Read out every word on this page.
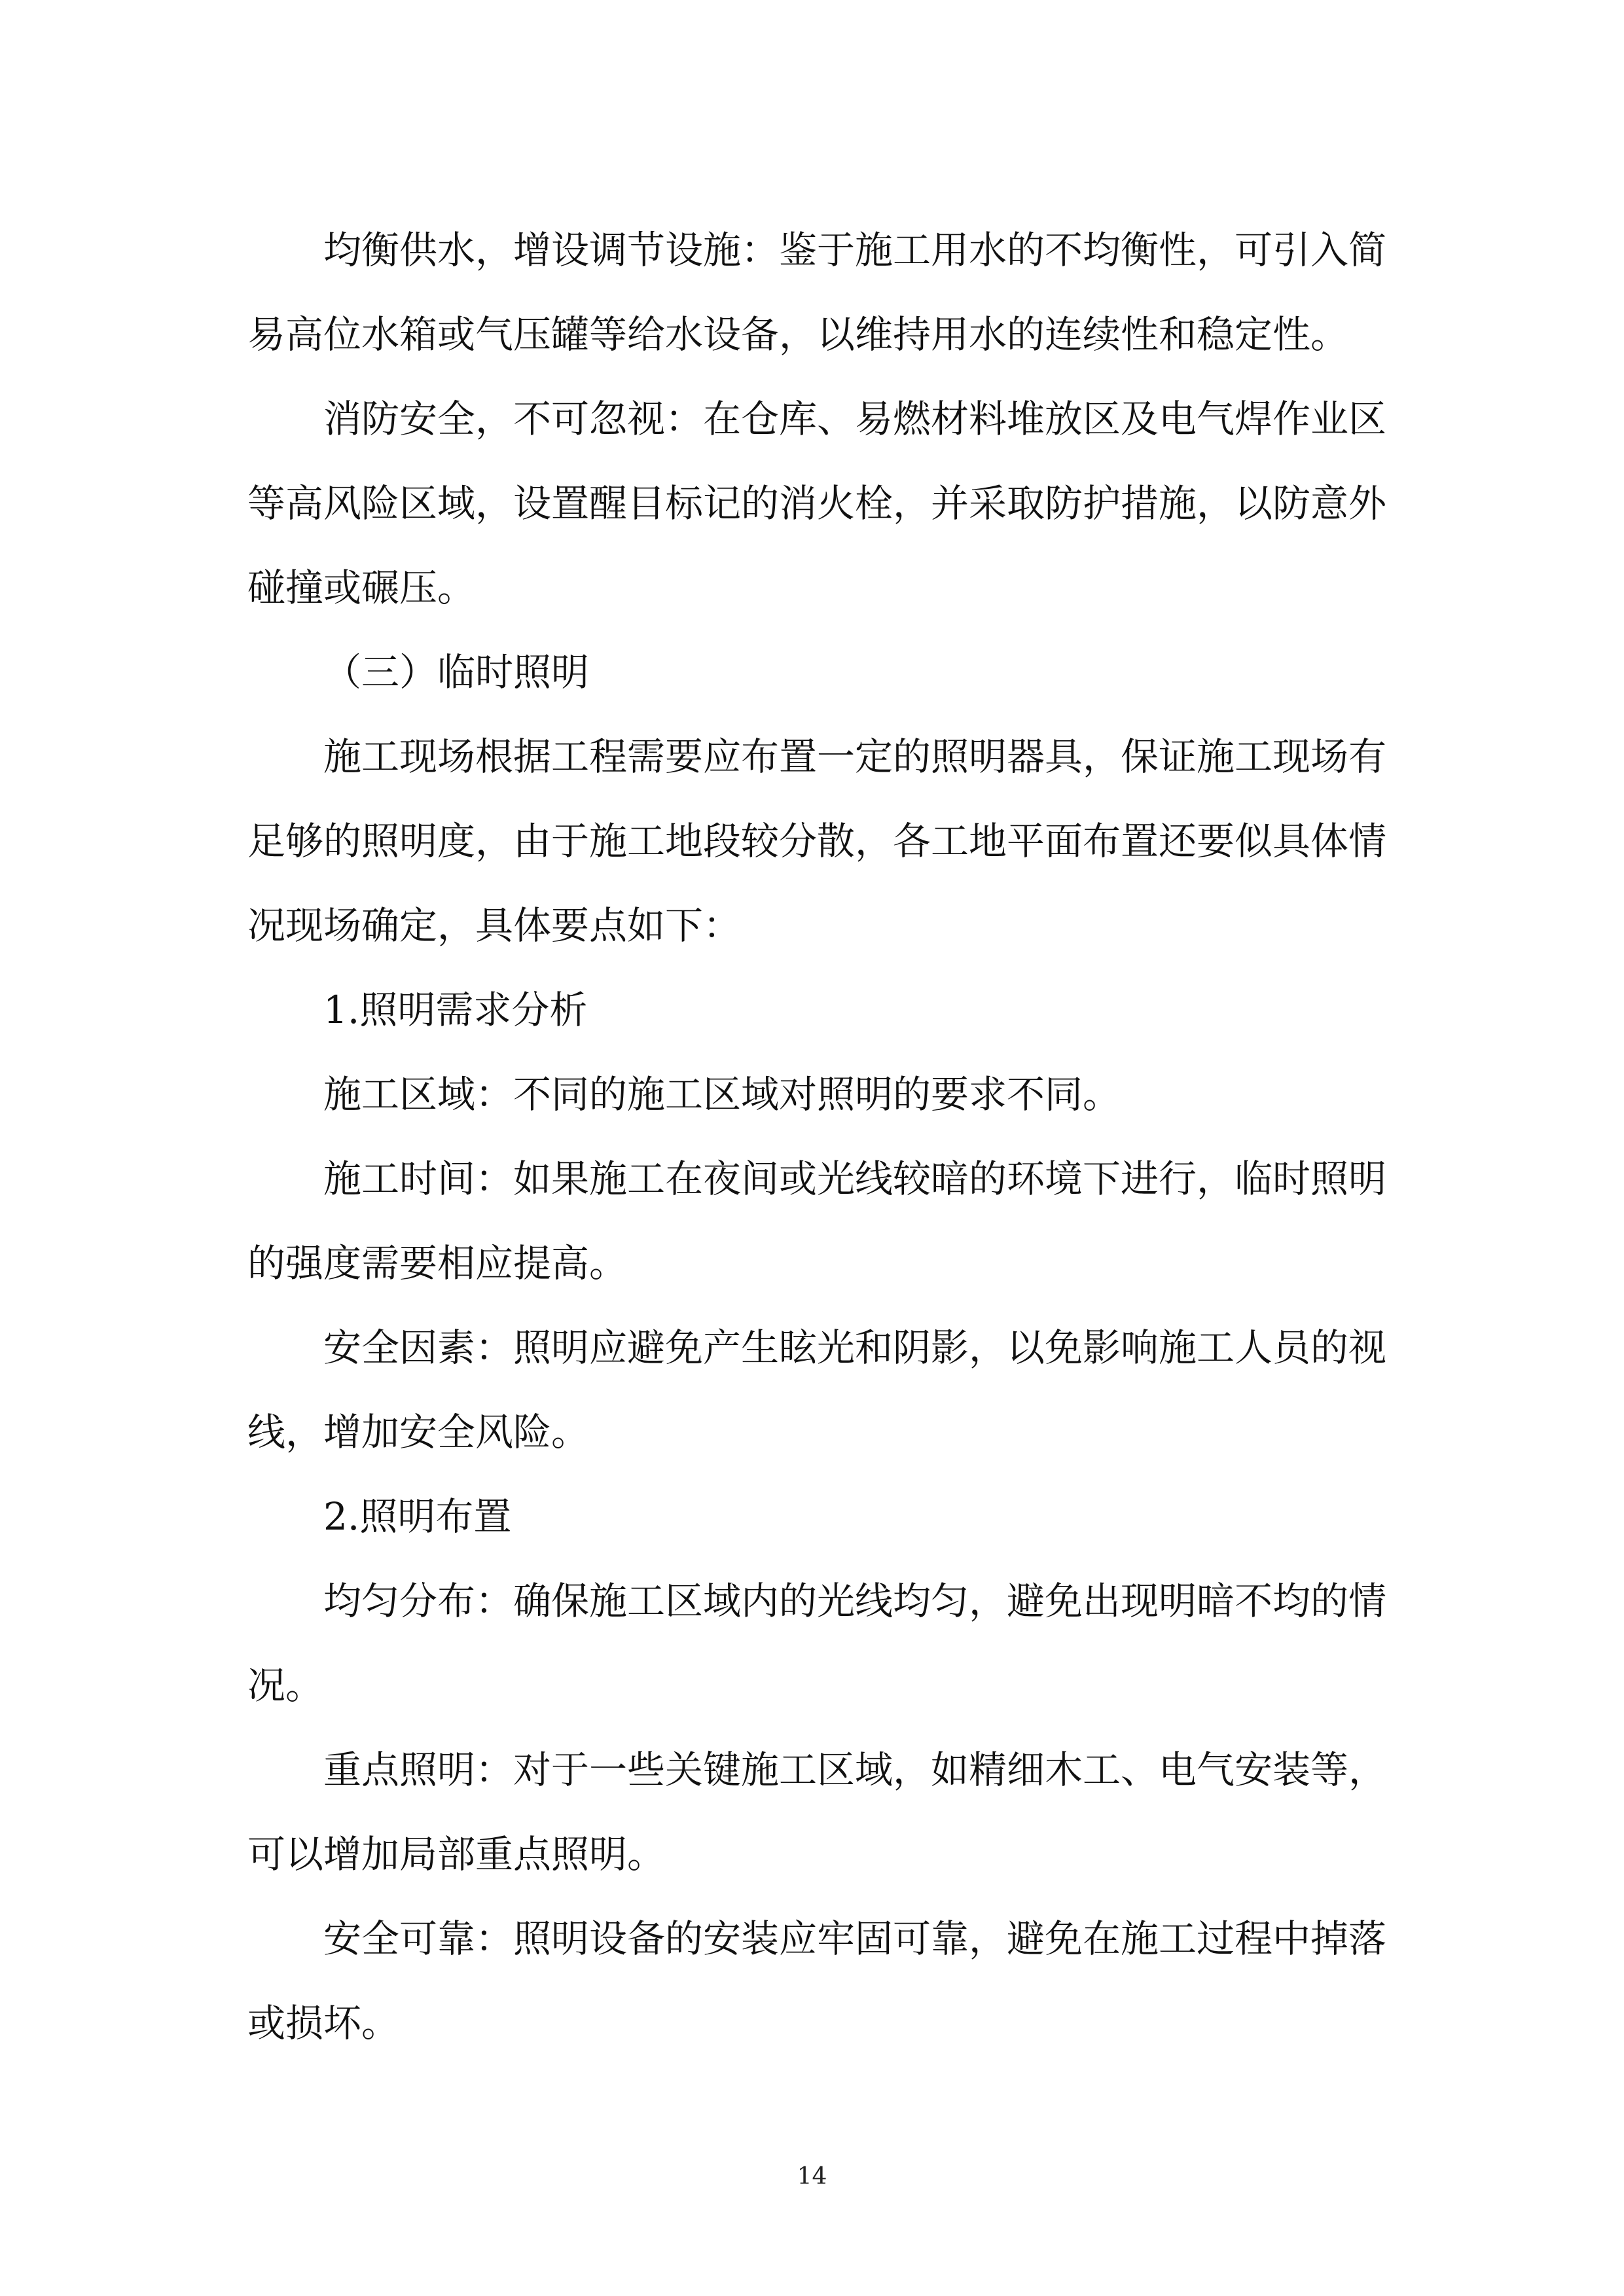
均衡供水，增设调节设施：鉴于施工用水的不均衡性，可引入简
易高位水箱或气压罐等给水设备，以维持用水的连续性和稳定性。
消防安全，不可忽视：在仓库、易燃材料堆放区及电气焊作业区
等高风险区域，设置醒目标记的消火栓，并采取防护措施，以防意外
碰撞或碾压。
（三）临时照明
施工现场根据工程需要应布置一定的照明器具，保证施工现场有
足够的照明度，由于施工地段较分散，各工地平面布置还要似具体情
况现场确定，具体要点如下：
1.照明需求分析
施工区域：不同的施工区域对照明的要求不同。
施工时间：如果施工在夜间或光线较暗的环境下进行，临时照明
的强度需要相应提高。
安全因素：照明应避免产生眩光和阴影，以免影响施工人员的视
线，增加安全风险。
2.照明布置
均匀分布：确保施工区域内的光线均匀，避免出现明暗不均的情
况。
重点照明：对于一些关键施工区域，如精细木工、电气安装等，
可以增加局部重点照明。
安全可靠：照明设备的安装应牢固可靠，避免在施工过程中掉落
或损坏。
14
